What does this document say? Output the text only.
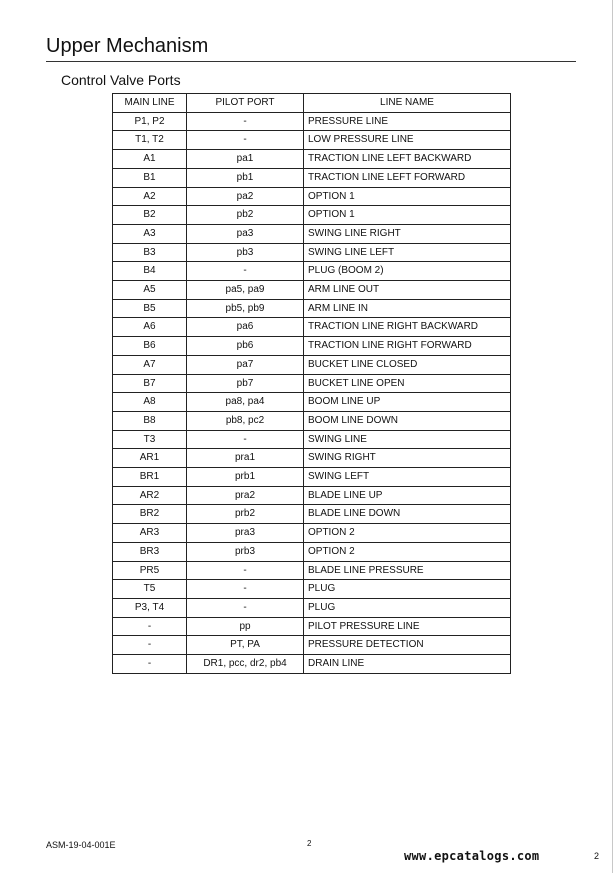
Upper Mechanism
Control Valve Ports
MAIN LINE	PILOT PORT	LINE NAME
P1, P2	-	PRESSURE LINE
T1, T2	-	LOW PRESSURE LINE
A1	pa1	TRACTION LINE LEFT BACKWARD
B1	pb1	TRACTION LINE LEFT FORWARD
A2	pa2	OPTION 1
B2	pb2	OPTION 1
A3	pa3	SWING LINE RIGHT
B3	pb3	SWING LINE LEFT
B4	-	PLUG (BOOM 2)
A5	pa5, pa9	ARM LINE OUT
B5	pb5, pb9	ARM LINE IN
A6	pa6	TRACTION LINE RIGHT BACKWARD
B6	pb6	TRACTION LINE RIGHT FORWARD
A7	pa7	BUCKET LINE CLOSED
B7	pb7	BUCKET LINE OPEN
A8	pa8, pa4	BOOM LINE UP
B8	pb8, pc2	BOOM LINE DOWN
T3	-	SWING LINE
AR1	pra1	SWING RIGHT
BR1	prb1	SWING LEFT
AR2	pra2	BLADE LINE UP
BR2	prb2	BLADE LINE DOWN
AR3	pra3	OPTION 2
BR3	prb3	OPTION 2
PR5	-	BLADE LINE PRESSURE
T5	-	PLUG
P3, T4	-	PLUG
-	pp	PILOT PRESSURE LINE
-	PT, PA	PRESSURE DETECTION
-	DR1, pcc, dr2, pb4	DRAIN LINE
ASM-19-04-001E	2
www.epcatalogs.com	2
